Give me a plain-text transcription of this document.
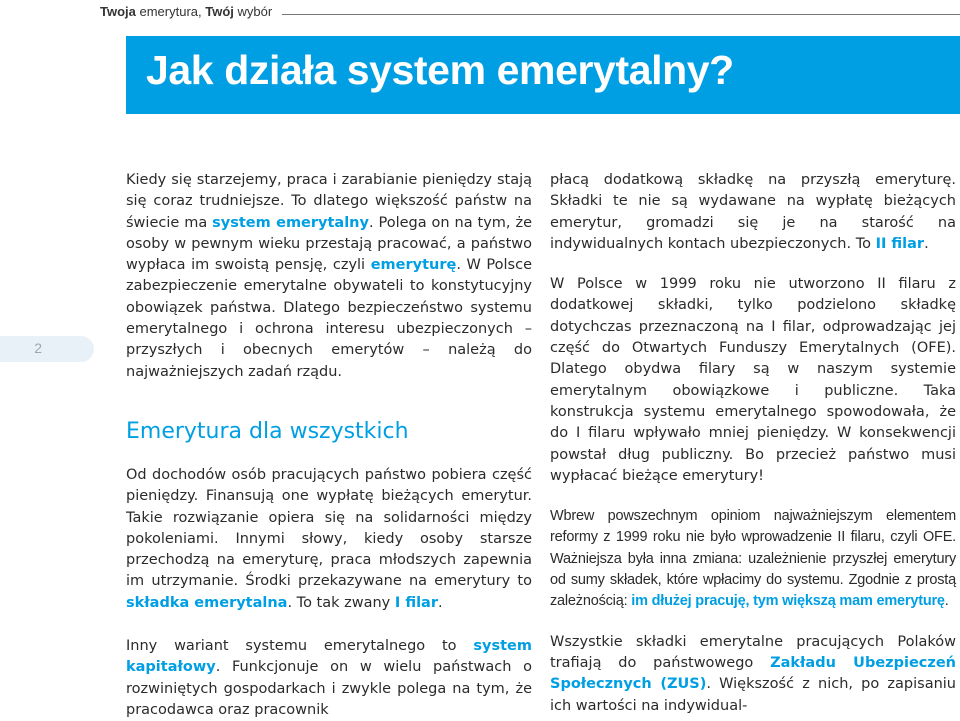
Twoja emerytura, Twój wybór
Jak działa system emerytalny?
2

Kiedy się starzejemy, praca i zarabianie pieniędzy stają się coraz trudniejsze. To dlatego większość państw na świecie ma system emerytalny. Polega on na tym, że osoby w pewnym wieku przestają pracować, a państwo wypłaca im swoistą pensję, czyli emeryturę. W Polsce zabezpieczenie emerytalne obywateli to konstytucyjny obowiązek państwa. Dlatego bezpieczeństwo systemu emerytalnego i ochrona interesu ubezpieczonych – przyszłych i obecnych emerytów – należą do najważniejszych zadań rządu.

Emerytura dla wszystkich

Od dochodów osób pracujących państwo pobiera część pieniędzy. Finansują one wypłatę bieżących emerytur. Takie rozwiązanie opiera się na solidarności między pokoleniami. Innymi słowy, kiedy osoby starsze przechodzą na emeryturę, praca młodszych zapewnia im utrzymanie. Środki przekazywane na emerytury to składka emerytalna. To tak zwany I filar.

Inny wariant systemu emerytalnego to system kapitałowy. Funkcjonuje on w wielu państwach o rozwiniętych gospodarkach i zwykle polega na tym, że pracodawca oraz pracownik

płacą dodatkową składkę na przyszłą emeryturę. Składki te nie są wydawane na wypłatę bieżących emerytur, gromadzi się je na starość na indywidualnych kontach ubezpieczonych. To II filar.

W Polsce w 1999 roku nie utworzono II filaru z dodatkowej składki, tylko podzielono składkę dotychczas przeznaczoną na I filar, odprowadzając jej część do Otwartych Funduszy Emerytalnych (OFE). Dlatego obydwa filary są w naszym systemie emerytalnym obowiązkowe i publiczne. Taka konstrukcja systemu emerytalnego spowodowała, że do I filaru wpływało mniej pieniędzy. W konsekwencji powstał dług publiczny. Bo przecież państwo musi wypłacać bieżące emerytury!

Wbrew powszechnym opiniom najważniejszym elementem reformy z 1999 roku nie było wprowadzenie II filaru, czyli OFE. Ważniejsza była inna zmiana: uzależnienie przyszłej emerytury od sumy składek, które wpłacimy do systemu. Zgodnie z prostą zależnością: im dłużej pracuję, tym większą mam emeryturę.

Wszystkie składki emerytalne pracujących Polaków trafiają do państwowego Zakładu Ubezpieczeń Społecznych (ZUS). Większość z nich, po zapisaniu ich wartości na indywidual-
